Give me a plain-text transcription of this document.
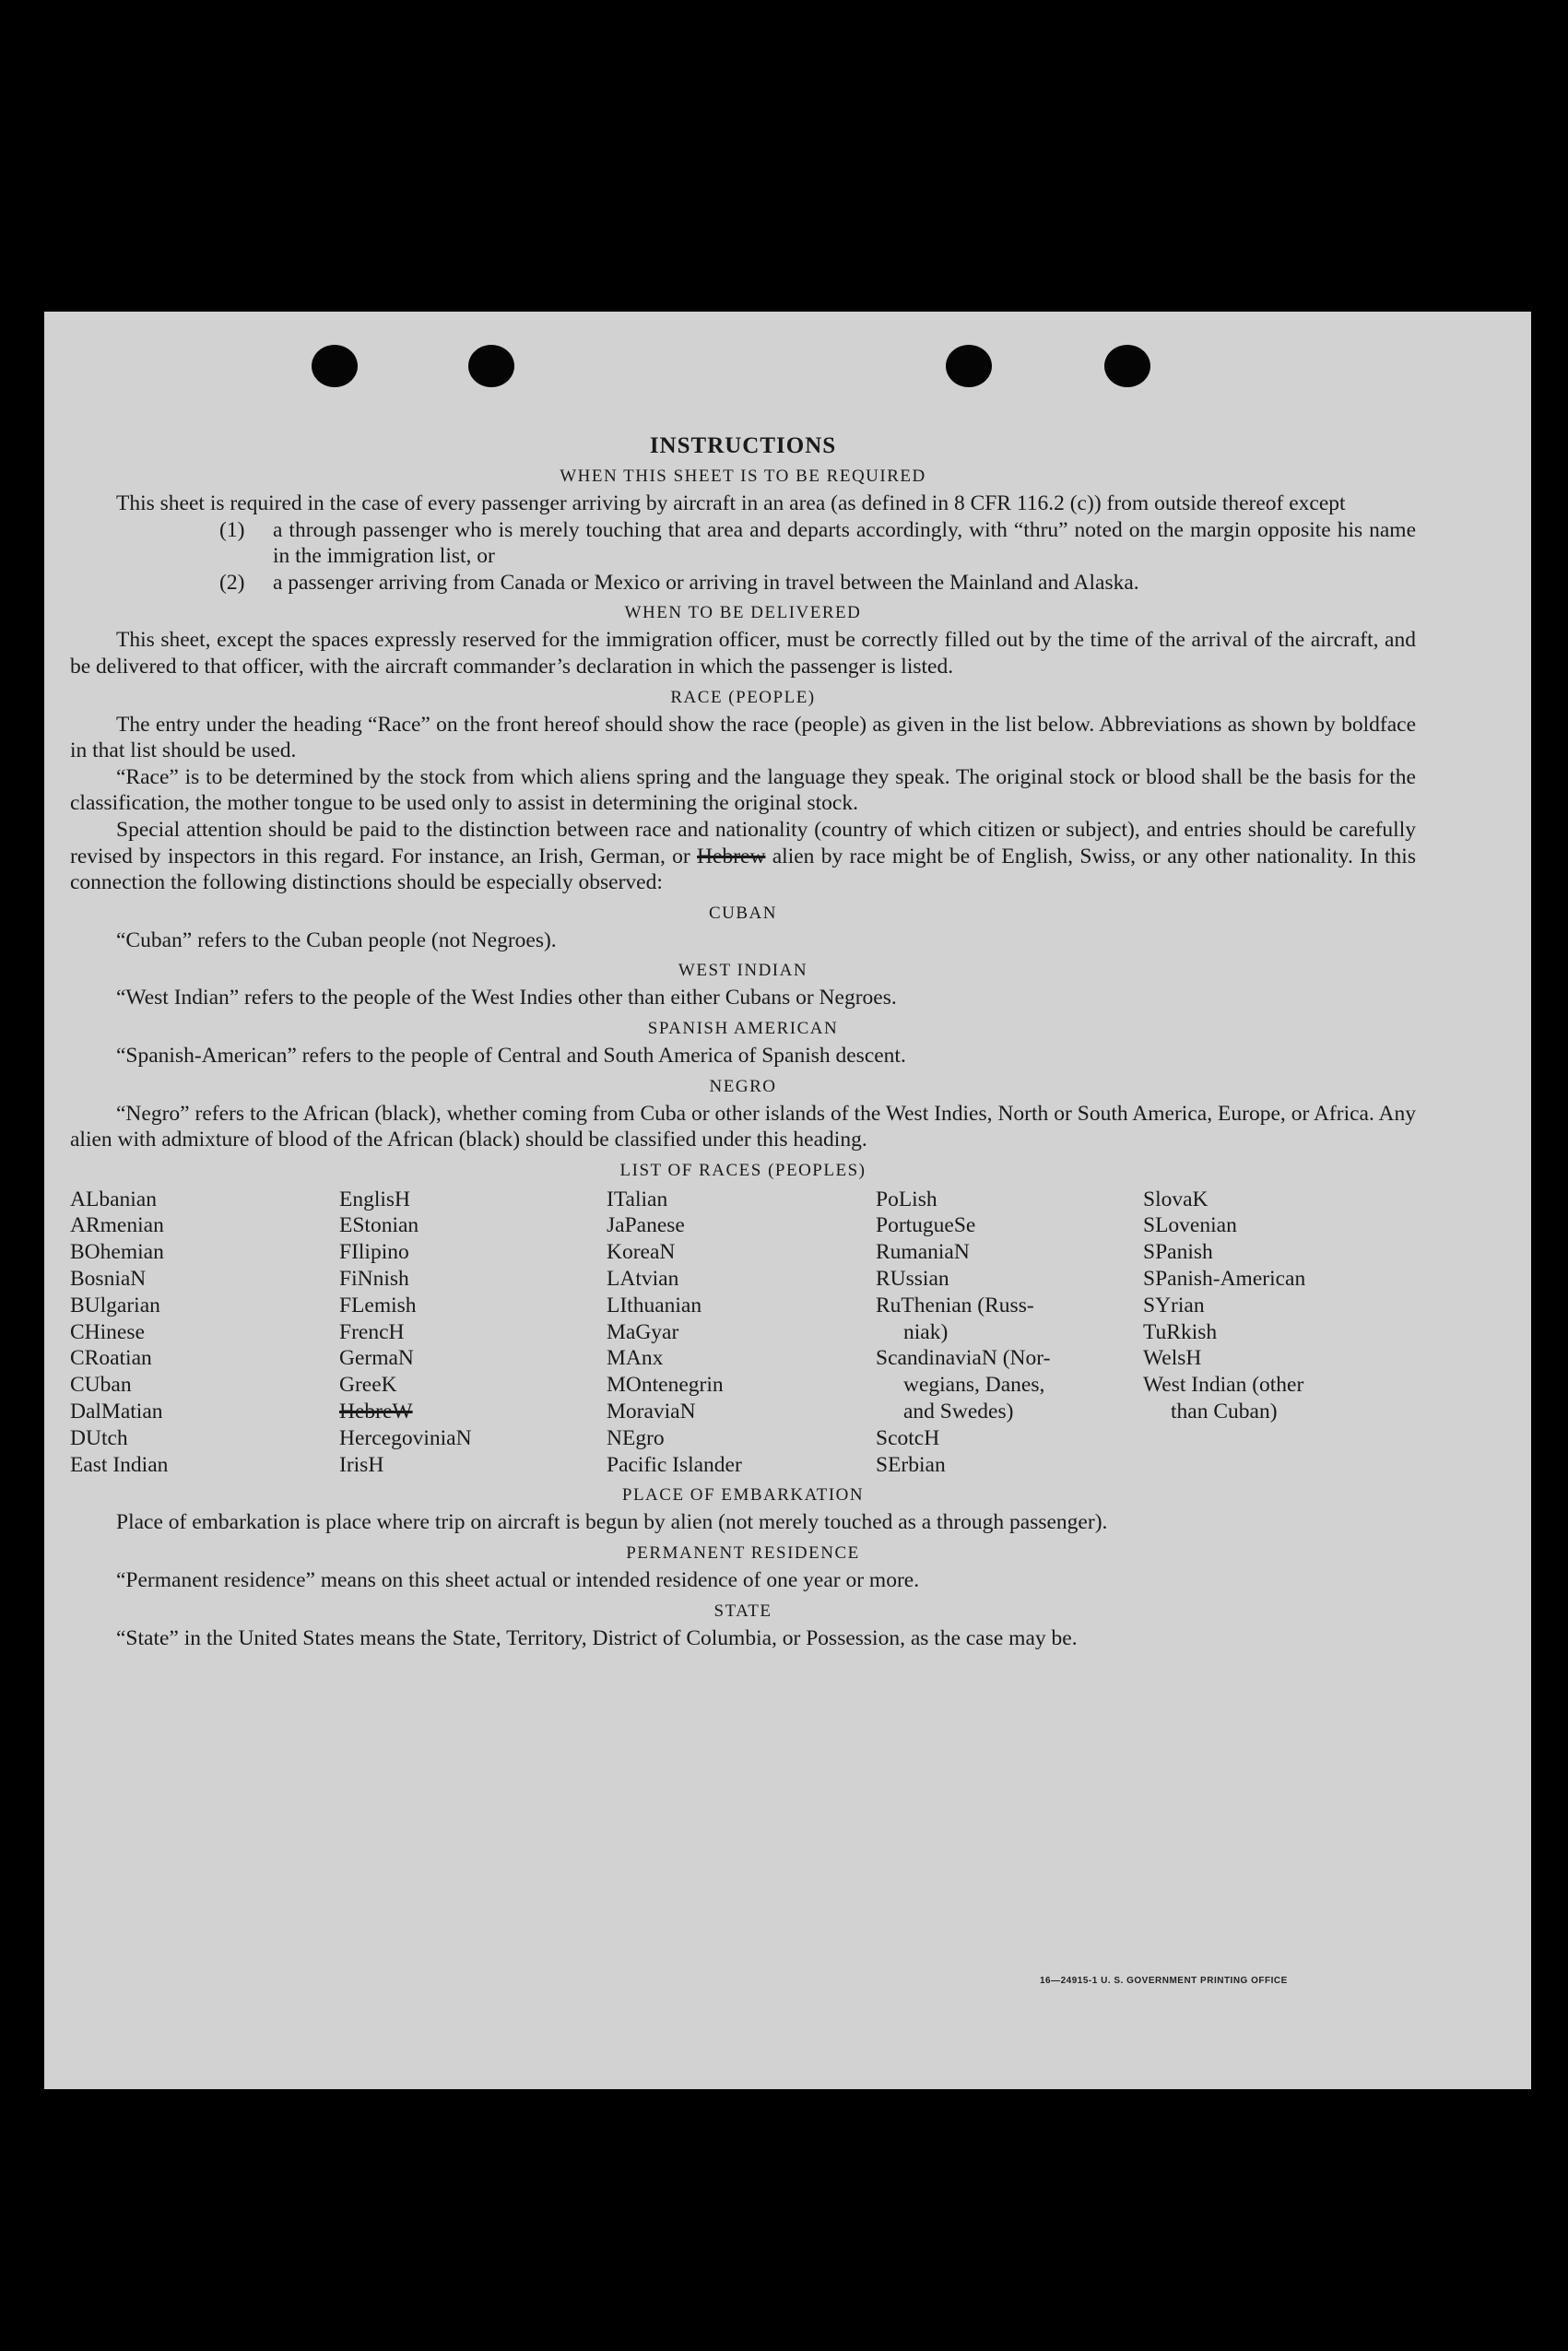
INSTRUCTIONS
WHEN THIS SHEET IS TO BE REQUIRED

This sheet is required in the case of every passenger arriving by aircraft in an area (as defined in 8 CFR 116.2 (c)) from outside thereof except

(1)	a through passenger who is merely touching that area and departs accordingly, with “thru” noted on the margin opposite his name in the immigration list, or
(2)	a passenger arriving from Canada or Mexico or arriving in travel between the Mainland and Alaska.
WHEN TO BE DELIVERED

This sheet, except the spaces expressly reserved for the immigration officer, must be correctly filled out by the time of the arrival of the aircraft, and be delivered to that officer, with the aircraft commander’s declaration in which the passenger is listed.

RACE (PEOPLE)

The entry under the heading “Race” on the front hereof should show the race (people) as given in the list below. Abbreviations as shown by boldface in that list should be used.

“Race” is to be determined by the stock from which aliens spring and the language they speak. The original stock or blood shall be the basis for the classification, the mother tongue to be used only to assist in determining the original stock.

Special attention should be paid to the distinction between race and nationality (country of which citizen or subject), and entries should be carefully revised by inspectors in this regard. For instance, an Irish, German, or Hebrew alien by race might be of English, Swiss, or any other nationality. In this connection the following distinctions should be especially observed:

CUBAN

“Cuban” refers to the Cuban people (not Negroes).

WEST INDIAN

“West Indian” refers to the people of the West Indies other than either Cubans or Negroes.

SPANISH AMERICAN

“Spanish-American” refers to the people of Central and South America of Spanish descent.

NEGRO

“Negro” refers to the African (black), whether coming from Cuba or other islands of the West Indies, North or South America, Europe, or Africa. Any alien with admixture of blood of the African (black) should be classified under this heading.

LIST OF RACES (PEOPLES)
ALbanian
ARmenian
BOhemian
BosniaN
BUlgarian
CHinese
CRoatian
CUban
DalMatian
DUtch
East Indian
EnglisH
EStonian
FIlipino
FiNnish
FLemish
FrencH
GermaN
GreeK
HebreW
HercegovinіaN
IrisH
ITalian
JaPanese
KoreaN
LAtvian
LIthuanian
MaGyar
MAnx
MOntenegrin
MoraviaN
NEgro
Pacific Islander
PoLish
PortugueSe
RumaniaN
RUssian
RuThenian (Russ-
niak)
ScandinaviaN (Nor-
wegians, Danes,
and Swedes)
ScotcH
SErbian
SlovaK
SLovenian
SPanish
SPanish-American
SYrian
TuRkish
WelsH
West Indian (other
than Cuban)
PLACE OF EMBARKATION

Place of embarkation is place where trip on aircraft is begun by alien (not merely touched as a through passenger).

PERMANENT RESIDENCE

“Permanent residence” means on this sheet actual or intended residence of one year or more.

STATE

“State” in the United States means the State, Territory, District of Columbia, or Possession, as the case may be.

16—24915-1 U. S. GOVERNMENT PRINTING OFFICE
